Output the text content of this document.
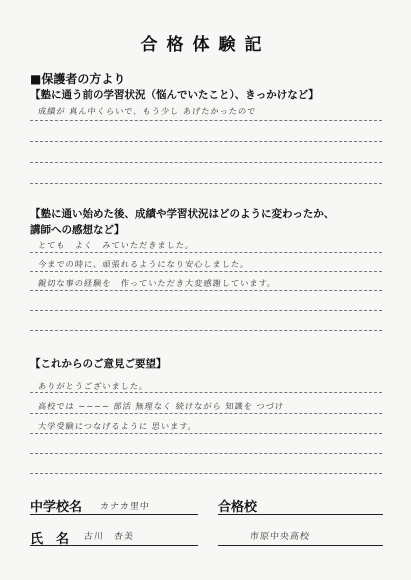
合格体験記
■保護者の方より
【塾に通う前の学習状況（悩んでいたこと）、きっかけなど】
成績が 真ん中くらいで、もう少し あげたかったので
【塾に通い始めた後、成績や学習状況はどのように変わったか、
講師への感想など】
とても　よく　みていただきました。
今までの時に、頑張れるようになり安心しました。
親切な事の経験を　作っていただき大変感謝しています。
【これからのご意見ご要望】
ありがとうございました。
高校では ~~~~ 部活 無理なく 続けながら 知識を つづけ
大学受験につなげるように 思います。
中学校名 カナカ里中	合格校
氏　名 古川　杏美	市原中央高校
